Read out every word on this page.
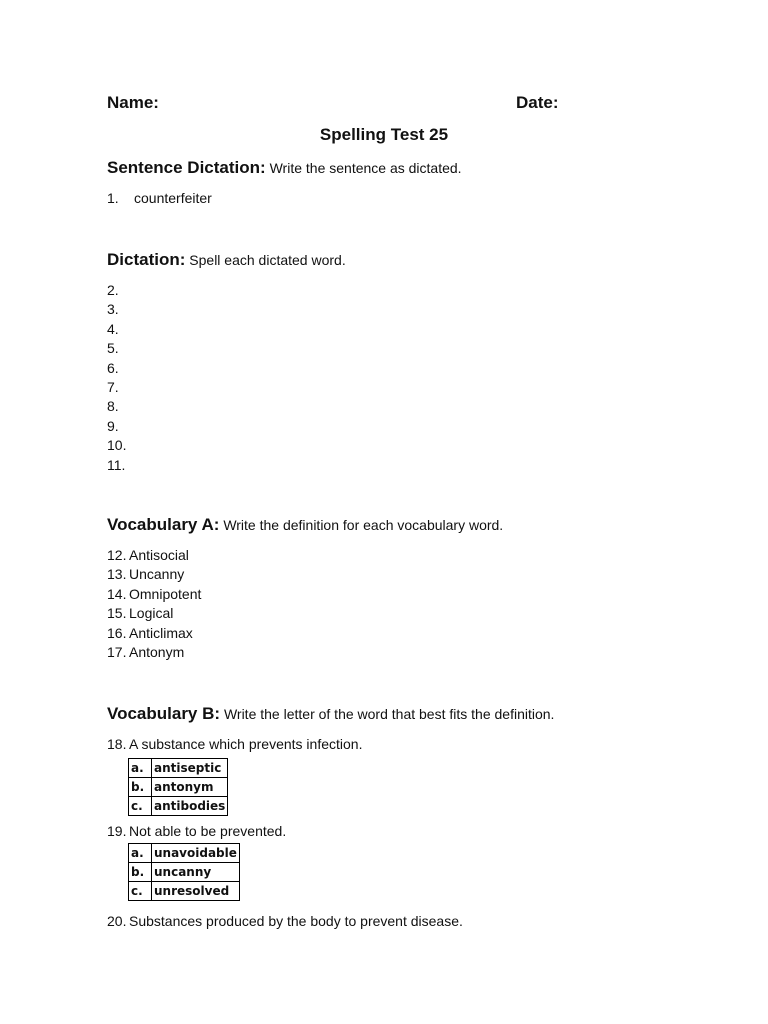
Name:	Date:
Spelling Test 25
Sentence Dictation: Write the sentence as dictated.
1.	counterfeiter
Dictation: Spell each dictated word.
2.
3.
4.
5.
6.
7.
8.
9.
10.
11.
Vocabulary A: Write the definition for each vocabulary word.
12. Antisocial
13. Uncanny
14. Omnipotent
15. Logical
16. Anticlimax
17. Antonym
Vocabulary B: Write the letter of the word that best fits the definition.
18. A substance which prevents infection.
a.	antiseptic
b.	antonym
c.	antibodies
19. Not able to be prevented.
a.	unavoidable
b.	uncanny
c.	unresolved
20. Substances produced by the body to prevent disease.
